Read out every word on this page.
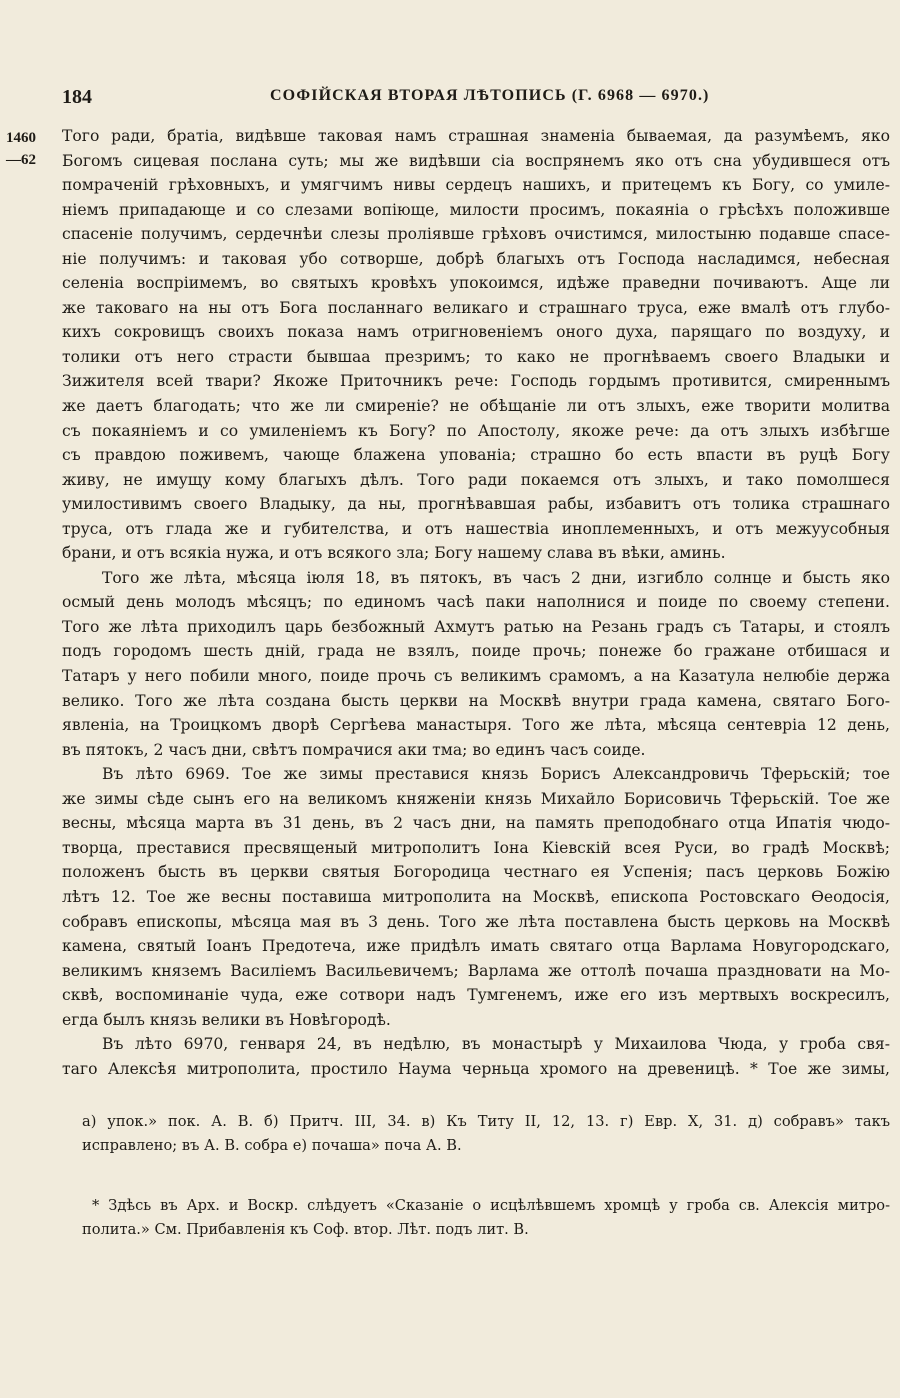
184	СОФІЙСКАЯ ВТОРАЯ ЛѢТОПИСЬ (Г. 6968 — 6970.)
1460
—62
Того ради, братіа, видѣвше таковая намъ страшная знаменіа бываемая, да разумѣемъ, яко
Богомъ сицевая послана суть; мы же видѣвши сіа воспрянемъ яко отъ сна убудившеся отъ
помраченій грѣховныхъ, и умягчимъ нивы сердецъ нашихъ, и притецемъ къ Богу, со умиле-
ніемъ припадающе и со слезами вопіюще, милости просимъ, покаяніа о грѣсѣхъ положивше
спасеніе получимъ, сердечнѣи слезы проліявше грѣховъ очистимся, милостыню подавше спасе-
ніе получимъ: и таковая убо сотворше, добрѣ благыхъ отъ Господа насладимся, небесная
селеніа воспріимемъ, во святыхъ кровѣхъ упокоимся, идѣже праведни почиваютъ. Аще ли
же таковаго на ны отъ Бога посланнаго великаго и страшнаго труса, еже вмалѣ отъ глубо-
кихъ сокровищъ своихъ показа намъ отригновеніемъ оного духа, парящаго по воздуху, и
толики отъ него страсти бывшаа презримъ; то како не прогнѣваемъ своего Владыки и
Зижителя всей твари? Якоже Приточникъ рече: Господь гордымъ противится, смиреннымъ
же даетъ благодать; что же ли смиреніе? не обѣщаніе ли отъ злыхъ, еже творити молитва
съ покаяніемъ и со умиленіемъ къ Богу? по Апостолу, якоже рече: да отъ злыхъ избѣгше
съ правдою поживемъ, чающе блажена упованіа; страшно бо есть впасти въ руцѣ Богу
живу, не имущу кому благыхъ дѣлъ. Того ради покаемся отъ злыхъ, и тако помолшеся
умилостивимъ своего Владыку, да ны, прогнѣвавшая рабы, избавитъ отъ толика страшнаго
труса, отъ глада же и губителства, и отъ нашествіа иноплеменныхъ, и отъ межуусобныя
брани, и отъ всякіа нужа, и отъ всякого зла; Богу нашему слава въ вѣки, аминь.
Того же лѣта, мѣсяца іюля 18, въ пятокъ, въ часъ 2 дни, изгибло солнце и бысть яко
осмый день молодъ мѣсяцъ; по единомъ часѣ паки наполнися и поиде по своему степени.
Того же лѣта приходилъ царь безбожный Ахмутъ ратью на Резань градъ съ Татары, и стоялъ
подъ городомъ шесть дній, града не взялъ, поиде прочь; понеже бо гражане отбишася и
Татаръ у него побили много, поиде прочь съ великимъ срамомъ, а на Казатула нелюбіе держа
велико. Того же лѣта создана бысть церкви на Москвѣ внутри града камена, святаго Бого-
явленіа, на Троицкомъ дворѣ Сергѣева манастыря. Того же лѣта, мѣсяца сентевріа 12 день,
въ пятокъ, 2 часъ дни, свѣтъ помрачися аки тма; во единъ часъ соиде.
Въ лѣто 6969. Тое же зимы преставися князь Борисъ Александровичь Тферьскій; тое
же зимы сѣде сынъ его на великомъ княженіи князь Михайло Борисовичь Тферьскій. Тое же
весны, мѣсяца марта въ 31 день, въ 2 часъ дни, на память преподобнаго отца Ипатія чюдо-
творца, преставися пресвященый митрополитъ Іона Кіевскій всея Руси, во градѣ Москвѣ;
положенъ бысть въ церкви святыя Богородица честнаго ея Успенія; пасъ церковь Божію
лѣтъ 12. Тое же весны поставиша митрополита на Москвѣ, епископа Ростовскаго Ѳеодосія,
собравъ епископы, мѣсяца мая въ 3 день. Того же лѣта поставлена бысть церковь на Москвѣ
камена, святый Іоанъ Предотеча, иже придѣлъ имать святаго отца Варлама Новугородскаго,
великимъ княземъ Василіемъ Васильевичемъ; Варлама же оттолѣ почаша праздновати на Мо-
сквѣ, воспоминаніе чуда, еже сотвори надъ Тумгенемъ, иже его изъ мертвыхъ воскресилъ,
егда былъ князь велики въ Новѣгородѣ.
Въ лѣто 6970, генваря 24, въ недѣлю, въ монастырѣ у Михаилова Чюда, у гроба свя-
таго Алексѣя митрополита, простило Наума черньца хромого на древеницѣ. * Тое же зимы,
а) упок.» пок. А. В. б) Притч. III, 34. в) Къ Титу II, 12, 13. г) Евр. X, 31. д) собравъ» такъ
исправлено; въ А. В. собра е) почаша» поча А. В.
* Здѣсь въ Арх. и Воскр. слѣдуетъ «Сказаніе о исцѣлѣвшемъ хромцѣ у гроба св. Алексія митро-
полита.» См. Прибавленія къ Соф. втор. Лѣт. подъ лит. В.
